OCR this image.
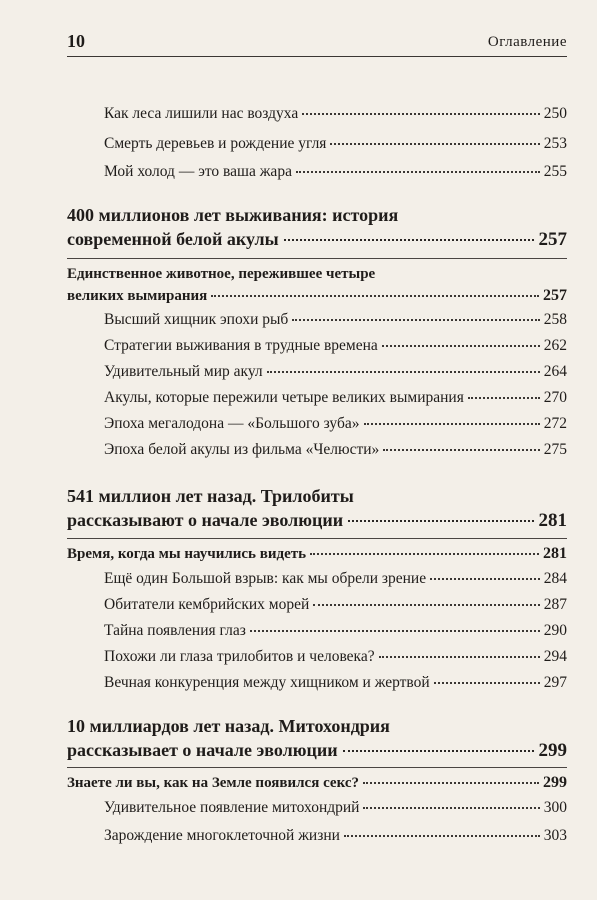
10	Оглавление
Как леса лишили нас воздуха	250
Смерть деревьев и рождение угля	253
Мой холод — это ваша жара	255
400 миллионов лет выживания: история
современной белой акулы	257
Единственное животное, пережившее четыре
великих вымирания	257
Высший хищник эпохи рыб	258
Стратегии выживания в трудные времена	262
Удивительный мир акул	264
Акулы, которые пережили четыре великих вымирания	270
Эпоха мегалодона — «Большого зуба»	272
Эпоха белой акулы из фильма «Челюсти»	275
541 миллион лет назад. Трилобиты
рассказывают о начале эволюции	281
Время, когда мы научились видеть	281
Ещё один Большой взрыв: как мы обрели зрение	284
Обитатели кембрийских морей	287
Тайна появления глаз	290
Похожи ли глаза трилобитов и человека?	294
Вечная конкуренция между хищником и жертвой	297
10 миллиардов лет назад. Митохондрия
рассказывает о начале эволюции	299
Знаете ли вы, как на Земле появился секс?	299
Удивительное появление митохондрий	300
Зарождение многоклеточной жизни	303
